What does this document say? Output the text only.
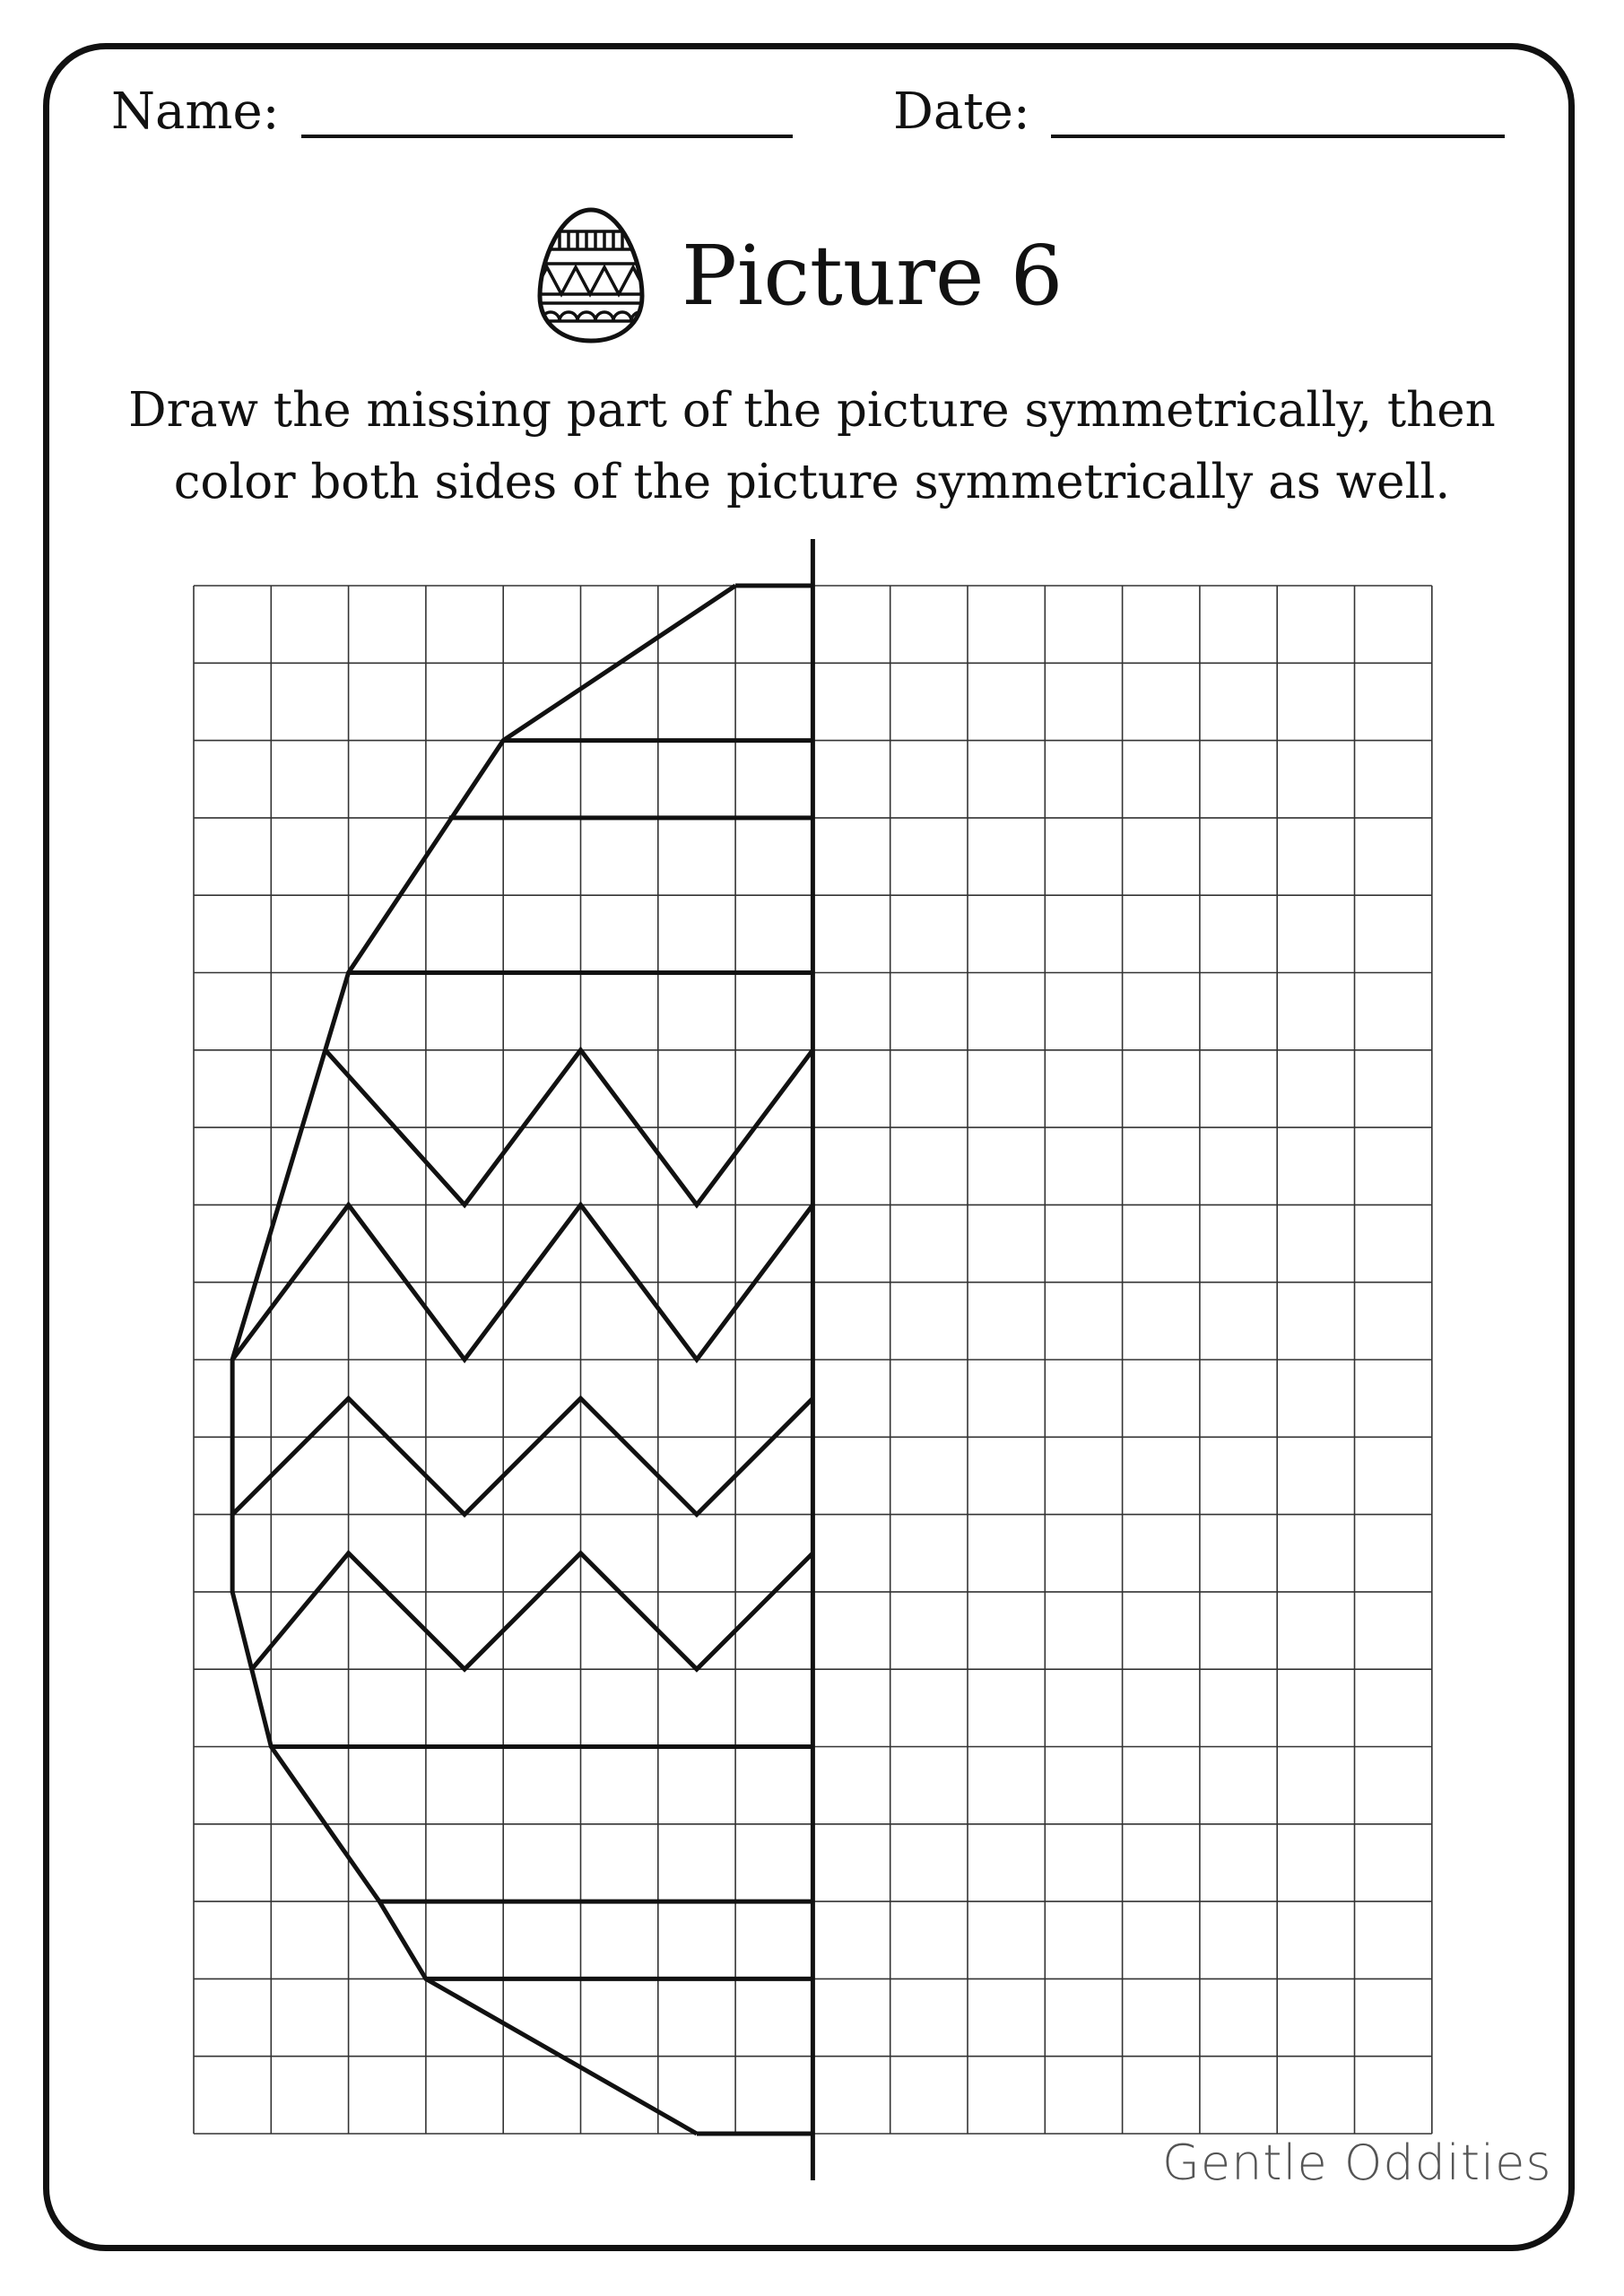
Name:	Date:
Picture 6
Draw the missing part of the picture symmetrically, then
color both sides of the picture symmetrically as well.
Gentle Oddities
